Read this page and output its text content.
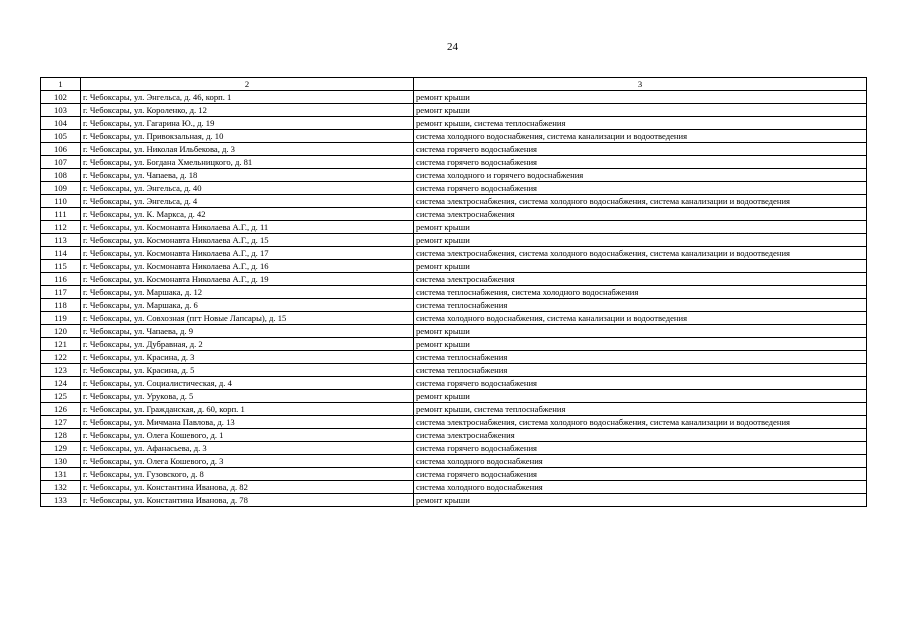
24
1	2	3
102	г. Чебоксары, ул. Энгельса, д. 46, корп. 1	ремонт крыши
103	г. Чебоксары, ул. Короленко, д. 12	ремонт крыши
104	г. Чебоксары, ул. Гагарина Ю., д. 19	ремонт крыши, система теплоснабжения
105	г. Чебоксары, ул. Привокзальная, д. 10	система холодного водоснабжения, система канализации и водоотведения
106	г. Чебоксары, ул. Николая Ильбекова, д. 3	система горячего водоснабжения
107	г. Чебоксары, ул. Богдана Хмельницкого, д. 81	система горячего водоснабжения
108	г. Чебоксары, ул. Чапаева, д. 18	система холодного и горячего водоснабжения
109	г. Чебоксары, ул. Энгельса, д. 40	система горячего водоснабжения
110	г. Чебоксары, ул. Энгельса, д. 4	система электроснабжения, система холодного водоснабжения, система канализации и водоотведения
111	г. Чебоксары, ул. К. Маркса, д. 42	система электроснабжения
112	г. Чебоксары, ул. Космонавта Николаева А.Г., д. 11	ремонт крыши
113	г. Чебоксары, ул. Космонавта Николаева А.Г., д. 15	ремонт крыши
114	г. Чебоксары, ул. Космонавта Николаева А.Г., д. 17	система электроснабжения, система холодного водоснабжения, система канализации и водоотведения
115	г. Чебоксары, ул. Космонавта Николаева А.Г., д. 16	ремонт крыши
116	г. Чебоксары, ул. Космонавта Николаева А.Г., д. 19	система электроснабжения
117	г. Чебоксары, ул. Маршака, д. 12	система теплоснабжения, система холодного водоснабжения
118	г. Чебоксары, ул. Маршака, д. 6	система теплоснабжения
119	г. Чебоксары, ул. Совхозная (пгт Новые Лапсары), д. 15	система холодного водоснабжения, система канализации и водоотведения
120	г. Чебоксары, ул. Чапаева, д. 9	ремонт крыши
121	г. Чебоксары, ул. Дубравная, д. 2	ремонт крыши
122	г. Чебоксары, ул. Красина, д. 3	система теплоснабжения
123	г. Чебоксары, ул. Красина, д. 5	система теплоснабжения
124	г. Чебоксары, ул. Социалистическая, д. 4	система горячего водоснабжения
125	г. Чебоксары, ул. Урукова, д. 5	ремонт крыши
126	г. Чебоксары, ул. Гражданская, д. 60, корп. 1	ремонт крыши, система теплоснабжения
127	г. Чебоксары, ул. Мичмана Павлова, д. 13	система электроснабжения, система холодного водоснабжения, система канализации и водоотведения
128	г. Чебоксары, ул. Олега Кошевого, д. 1	система электроснабжения
129	г. Чебоксары, ул. Афанасьева, д. 3	система горячего водоснабжения
130	г. Чебоксары, ул. Олега Кошевого, д. 3	система холодного водоснабжения
131	г. Чебоксары, ул. Гузовского, д. 8	система горячего водоснабжения
132	г. Чебоксары, ул. Константина Иванова, д. 82	система холодного водоснабжения
133	г. Чебоксары, ул. Константина Иванова, д. 78	ремонт крыши
